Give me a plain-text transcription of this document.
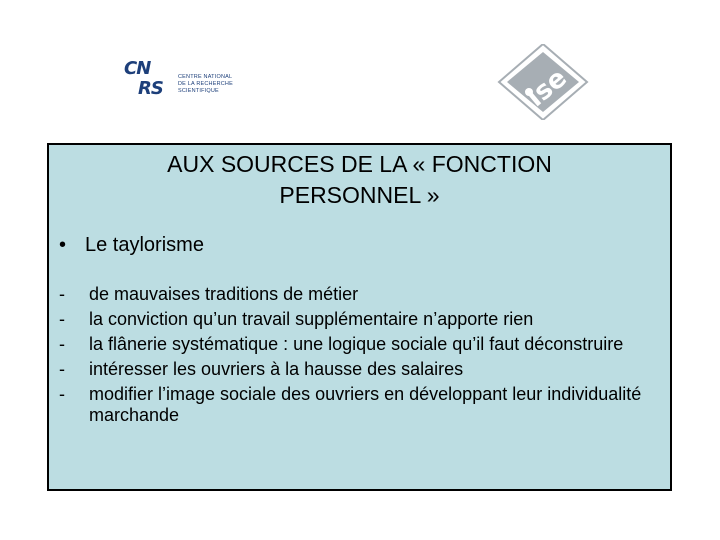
CN
RS
CENTRE NATIONAL
DE LA RECHERCHE
SCIENTIFIQUE	ise
AUX SOURCES DE LA « FONCTION
PERSONNEL »
• Le taylorisme
- de mauvaises traditions de métier
- la conviction qu’un travail supplémentaire n’apporte rien
- la flânerie systématique : une logique sociale qu’il faut déconstruire
- intéresser les ouvriers à la hausse des salaires
- modifier l’image sociale des ouvriers en développant leur individualité marchande
